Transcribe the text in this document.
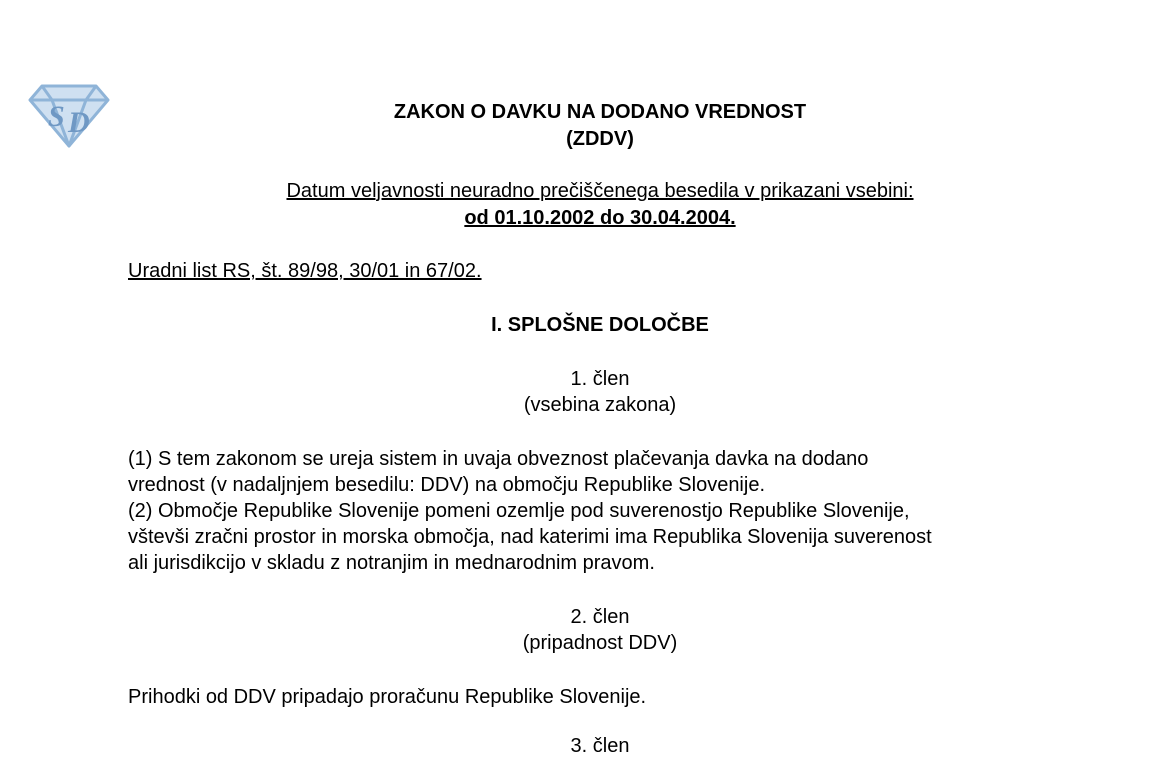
S D	ZAKON O DAVKU NA DODANO VREDNOST
(ZDDV)
Datum veljavnosti neuradno prečiščenega besedila v prikazani vsebini:
od 01.10.2002 do 30.04.2004.
Uradni list RS, št. 89/98, 30/01 in 67/02.
I. SPLOŠNE DOLOČBE
1. člen
(vsebina zakona)
(1) S tem zakonom se ureja sistem in uvaja obveznost plačevanja davka na dodano
vrednost (v nadaljnjem besedilu: DDV) na območju Republike Slovenije.
(2) Območje Republike Slovenije pomeni ozemlje pod suverenostjo Republike Slovenije,
vštevši zračni prostor in morska območja, nad katerimi ima Republika Slovenija suverenost
ali jurisdikcijo v skladu z notranjim in mednarodnim pravom.
2. člen
(pripadnost DDV)
Prihodki od DDV pripadajo proračunu Republike Slovenije.
3. člen
